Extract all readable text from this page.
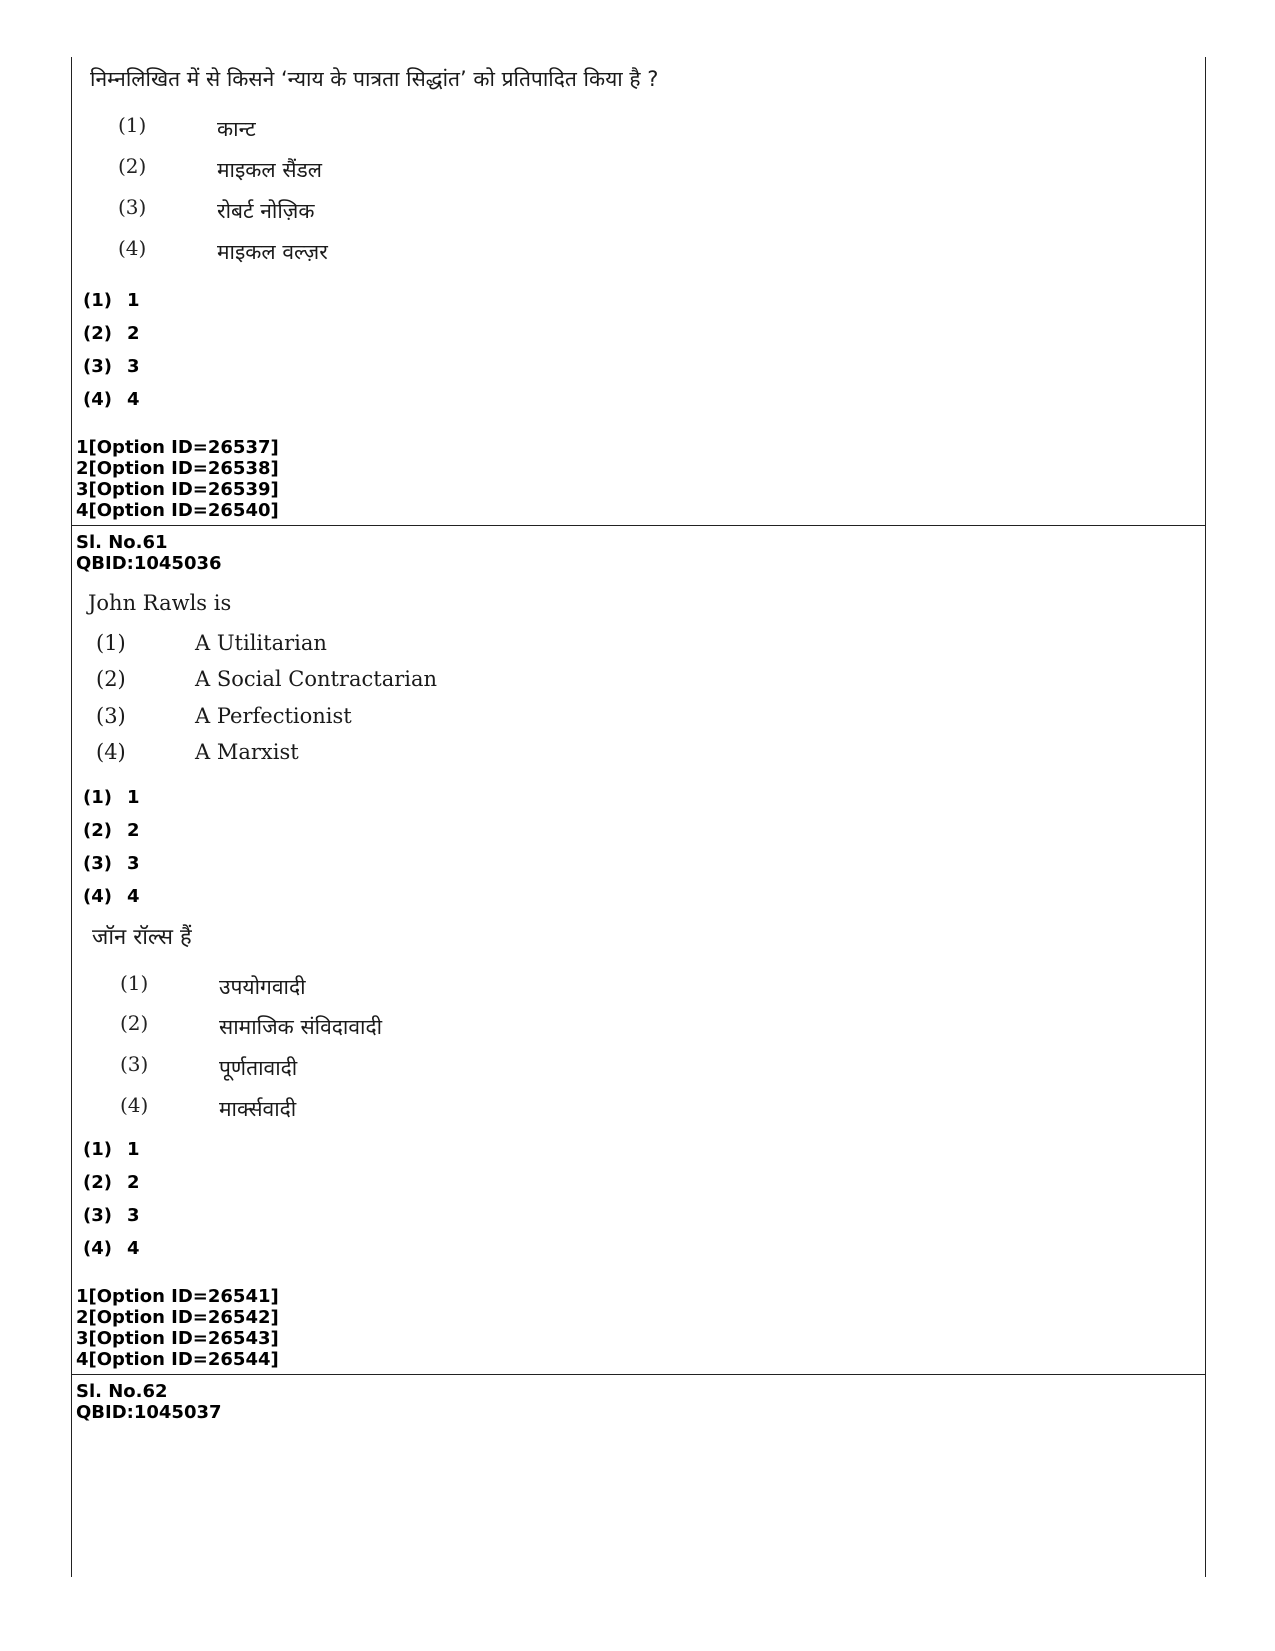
निम्नलिखित में से किसने ‘न्याय के पात्रता सिद्धांत’ को प्रतिपादित किया है ?
(1)	कान्ट
(2)	माइकल सैंडल
(3)	रोबर्ट नोज़िक
(4)	माइकल वल्ज़र
(1) 1
(2) 2
(3) 3
(4) 4
1[Option ID=26537]
2[Option ID=26538]
3[Option ID=26539]
4[Option ID=26540]
Sl. No.61
QBID:1045036
John Rawls is
(1)	A Utilitarian
(2)	A Social Contractarian
(3)	A Perfectionist
(4)	A Marxist
(1) 1
(2) 2
(3) 3
(4) 4
जॉन रॉल्स हैं
(1)	उपयोगवादी
(2)	सामाजिक संविदावादी
(3)	पूर्णतावादी
(4)	मार्क्सवादी
(1) 1
(2) 2
(3) 3
(4) 4
1[Option ID=26541]
2[Option ID=26542]
3[Option ID=26543]
4[Option ID=26544]
Sl. No.62
QBID:1045037
